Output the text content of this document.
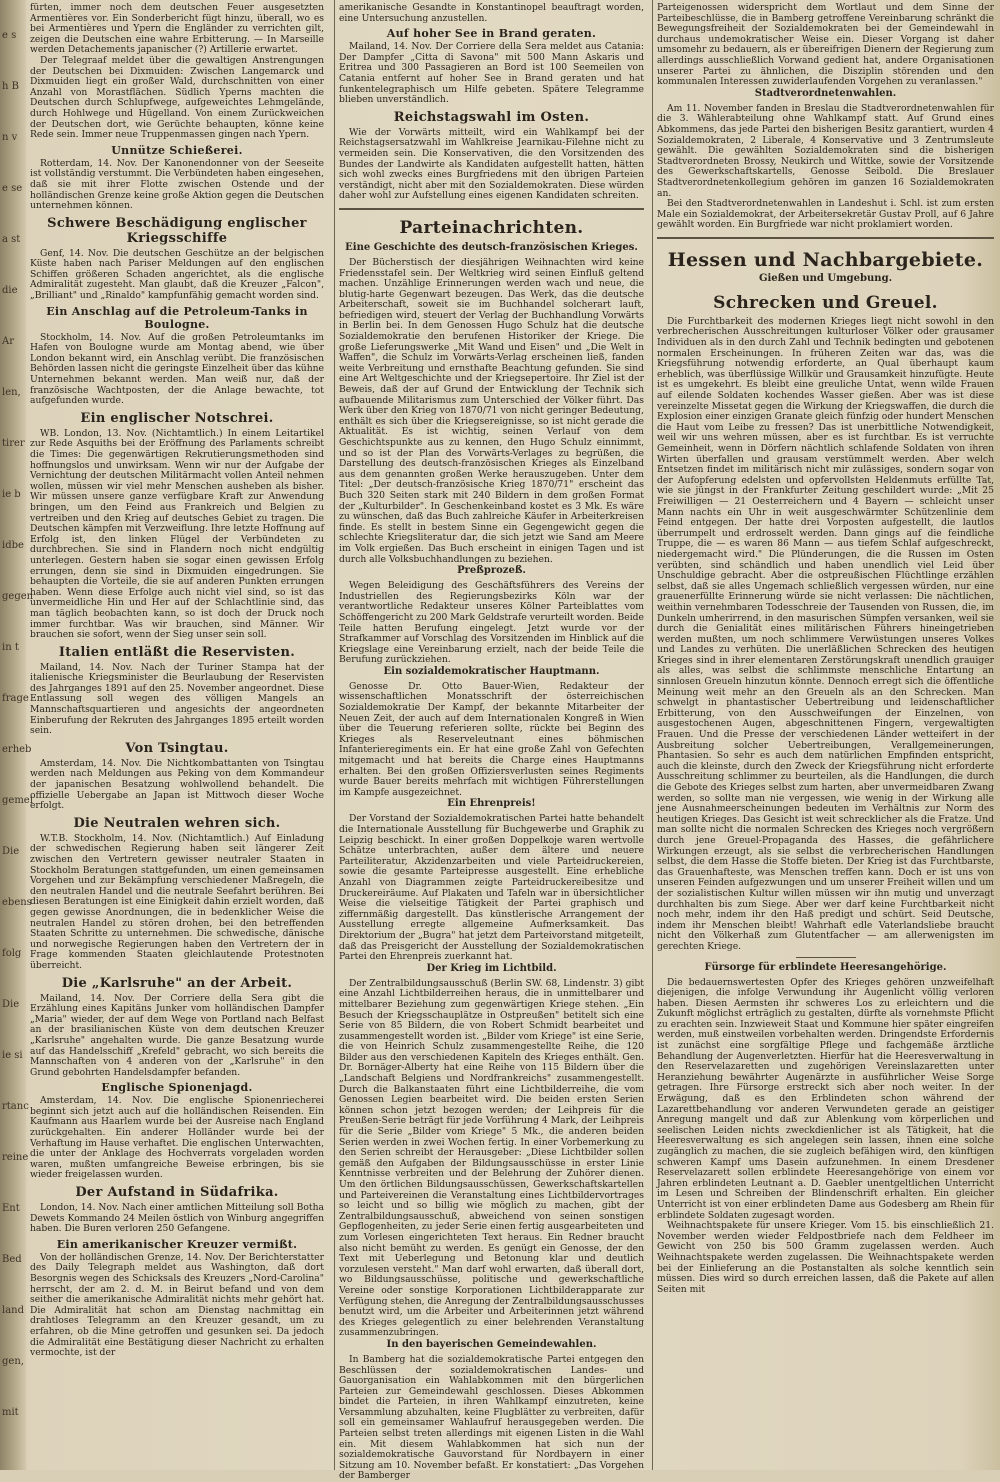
e s
h B
n v
e se
a st
die
Ar
len,
tirer
ie b
idbe
gegen
in t
frage
erheb
gemei
Die
ebens
folg
Die
ie si
rtanc
reine
Ent
Bed
land
gen,
mit

fürten, immer noch dem deutschen Feuer ausgesetzten Armentières vor. Ein Sonderbericht fügt hinzu, überall, wo es bei Armentières und Ypern die Engländer zu verrichten gilt, zeigen die Deutschen eine wahre Erbitterung. — In Marseille werden Detachements japanischer (?) Artillerie erwartet.

Der Telegraaf meldet über die gewaltigen Anstrengungen der Deutschen bei Dixmuiden: Zwischen Langemarck und Dixmuiden liegt ein großer Wald, durchschnitten von einer Anzahl von Morastflächen. Südlich Yperns machten die Deutschen durch Schlupfwege, aufgeweichtes Lehmgelände, durch Hohlwege und Hügelland. Von einem Zurückweichen der Deutschen dort, wie Gerüchte behaupten, könne keine Rede sein. Immer neue Truppenmassen gingen nach Ypern.

Unnütze Schießerei.

Rotterdam, 14. Nov. Der Kanonendonner von der Seeseite ist vollständig verstummt. Die Verbündeten haben eingesehen, daß sie mit ihrer Flotte zwischen Ostende und der holländischen Grenze keine große Aktion gegen die Deutschen unternehmen können.

Schwere Beschädigung englischer Kriegsschiffe

Genf, 14. Nov. Die deutschen Geschütze an der belgischen Küste haben nach Pariser Meldungen auf den englischen Schiffen größeren Schaden angerichtet, als die englische Admiralität zugesteht. Man glaubt, daß die Kreuzer „Falcon", „Brilliant" und „Rinaldo" kampfunfähig gemacht worden sind.

Ein Anschlag auf die Petroleum-Tanks in Boulogne.

Stockholm, 14. Nov. Auf die großen Petroleumtanks im Hafen von Boulogne wurde am Montag abend, wie über London bekannt wird, ein Anschlag verübt. Die französischen Behörden lassen nicht die geringste Einzelheit über das kühne Unternehmen bekannt werden. Man weiß nur, daß der französische Wachtposten, der die Anlage bewachte, tot aufgefunden wurde.

Ein englischer Notschrei.

WB. London, 13. Nov. (Nichtamtlich.) In einem Leitartikel zur Rede Asquiths bei der Eröffnung des Parlaments schreibt die Times: Die gegenwärtigen Rekrutierungsmethoden sind hoffnungslos und unwirksam. Wenn wir nur der Aufgabe der Vernichtung der deutschen Militärmacht vollen Anteil nehmen wollen, müssen wir viel mehr Menschen ausheben als bisher. Wir müssen unsere ganze verfügbare Kraft zur Anwendung bringen, um den Feind aus Frankreich und Belgien zu vertreiben und den Krieg auf deutsches Gebiet zu tragen. Die Deutschen kämpfen mit Verzweiflung. Ihre letzte Hoffnung auf Erfolg ist, den linken Flügel der Verbündeten zu durchbrechen. Sie sind in Flandern noch nicht endgültig unterlegen. Gestern haben sie sogar einen gewissen Erfolg errungen, denn sie sind in Dixmuiden eingedrungen. Sie behaupten die Vorteile, die sie auf anderen Punkten errungen haben. Wenn diese Erfolge auch nicht viel sind, so ist das unvermeidliche Hin und Her auf der Schlachtlinie sind, das man täglich beobachten kann, so ist doch der Druck noch immer furchtbar. Was wir brauchen, sind Männer. Wir brauchen sie sofort, wenn der Sieg unser sein soll.

Italien entläßt die Reservisten.

Mailand, 14. Nov. Nach der Turiner Stampa hat der italienische Kriegsminister die Beurlaubung der Reservisten des Jahrganges 1891 auf den 25. November angeordnet. Diese Entlassung soll wegen des völligen Mangels an Mannschaftsquartieren und angesichts der angeordneten Einberufung der Rekruten des Jahrganges 1895 erteilt worden sein.

Von Tsingtau.

Amsterdam, 14. Nov. Die Nichtkombattanten von Tsingtau werden nach Meldungen aus Peking von dem Kommandeur der japanischen Besatzung wohlwollend behandelt. Die offizielle Uebergabe an Japan ist Mittwoch dieser Woche erfolgt.

Die Neutralen wehren sich.

W.T.B. Stockholm, 14. Nov. (Nichtamtlich.) Auf Einladung der schwedischen Regierung haben seit längerer Zeit zwischen den Vertretern gewisser neutraler Staaten in Stockholm Beratungen stattgefunden, um einen gemeinsamen Vorgehen und zur Bekämpfung verschiedener Maßregeln, die den neutralen Handel und die neutrale Seefahrt berühren. Bei diesen Beratungen ist eine Einigkeit dahin erzielt worden, daß gegen gewisse Anordnungen, die in bedenklicher Weise die neutralen Handel zu stören drohen, bei den betreffenden Staaten Schritte zu unternehmen. Die schwedische, dänische und norwegische Regierungen haben den Vertretern der in Frage kommenden Staaten gleichlautende Protestnoten überreicht.

Die „Karlsruhe" an der Arbeit.

Mailand, 14. Nov. Der Corriere della Sera gibt die Erzählung eines Kapitäns Junker vom holländischen Dampfer „Maria" wieder, der auf dem Wege von Portland nach Belfast an der brasilianischen Küste von dem deutschen Kreuzer „Karlsruhe" angehalten wurde. Die ganze Besatzung wurde auf das Handelsschiff „Krefeld" gebracht, wo sich bereits die Mannschaften von 4 anderen von der „Karlsruhe" in den Grund gebohrten Handelsdampfer befanden.

Englische Spionenjagd.

Amsterdam, 14. Nov. Die englische Spionenriecherei beginnt sich jetzt auch auf die holländischen Reisenden. Ein Kaufmann aus Haarlem wurde bei der Ausreise nach England zurückgehalten. Ein anderer Holländer wurde bei der Verhaftung im Hause verhaftet. Die englischen Unterwachten, die unter der Anklage des Hochverrats vorgeladen worden waren, mußten umfangreiche Beweise erbringen, bis sie wieder freigelassen wurden.

Der Aufstand in Südafrika.

London, 14. Nov. Nach einer amtlichen Mitteilung soll Botha Dewets Kommando 24 Meilen östlich von Winburg angegriffen haben. Die Buren verloren 250 Gefangene.

Ein amerikanischer Kreuzer vermißt.

Von der holländischen Grenze, 14. Nov. Der Berichterstatter des Daily Telegraph meldet aus Washington, daß dort Besorgnis wegen des Schicksals des Kreuzers „Nord-Carolina" herrscht, der am 2. d. M. in Beirut befand und von dem seither die amerikanische Admiralität nichts mehr gehört hat. Die Admiralität hat schon am Dienstag nachmittag ein drahtloses Telegramm an den Kreuzer gesandt, um zu erfahren, ob die Mine getroffen und gesunken sei. Da jedoch die Admiralität eine Bestätigung dieser Nachricht zu erhalten vermochte, ist der

amerikanische Gesandte in Konstantinopel beauftragt worden, eine Untersuchung anzustellen.

Auf hoher See in Brand geraten.

Mailand, 14. Nov. Der Corriere della Sera meldet aus Catania: Der Dampfer „Citta di Savona" mit 500 Mann Askaris und Eritrea und 300 Passagieren an Bord ist 100 Seemeilen von Catania entfernt auf hoher See in Brand geraten und hat funkentelegraphisch um Hilfe gebeten. Spätere Telegramme blieben unverständlich.

Reichstagswahl im Osten.

Wie der Vorwärts mitteilt, wird ein Wahlkampf bei der Reichstagsersatzwahl im Wahlkreise Jearnikau-Filehne nicht zu vermeiden sein. Die Konservativen, die den Vorsitzenden des Bundes der Landwirte als Kandidaten aufgestellt hatten, hätten sich wohl zwecks eines Burgfriedens mit den übrigen Parteien verständigt, nicht aber mit den Sozialdemokraten. Diese würden daher wohl zur Aufstellung eines eigenen Kandidaten schreiten.

Parteinachrichten.
Eine Geschichte des deutsch-französischen Krieges.

Der Bücherstisch der diesjährigen Weihnachten wird keine Friedensstafel sein. Der Weltkrieg wird seinen Einfluß geltend machen. Unzählige Erinnerungen werden wach und neue, die blutig-harte Gegenwart bezeugen. Das Werk, das die deutsche Arbeiterschaft, soweit sie im Buchhandel solcherart lauft, befriedigen wird, steuert der Verlag der Buchhandlung Vorwärts in Berlin bei. In dem Genossen Hugo Schulz hat die deutsche Sozialdemokratie den berufenen Historiker der Kriege. Die große Lieferungswerke „Mit Wand und Eisen" und „Die Welt in Waffen", die Schulz im Vorwärts-Verlag erscheinen ließ, fanden weite Verbreitung und ernsthafte Beachtung gefunden. Sie sind eine Art Weltgeschichte und der Kriegsepertoire. Ihr Ziel ist der Beweis, daß der auf Grund der Entwicklung der Technik sich aufbauende Militarismus zum Unterschied der Völker führt. Das Werk über den Krieg von 1870/71 von nicht geringer Bedeutung, enthält es sich über die Kriegsereignisse, so ist nicht gerade die Aktualität. Es ist wichtig, seinen Verlauf von dem Geschichtspunkte aus zu kennen, den Hugo Schulz einnimmt, und so ist der Plan des Vorwärts-Verlages zu begrüßen, die Darstellung des deutsch-französischen Krieges als Einzelband aus dem genannten großen Werke herauszugeben. Unter dem Titel: „Der deutsch-französische Krieg 1870/71" erscheint das Buch 320 Seiten stark mit 240 Bildern in dem großen Format der „Kulturbilder". In Geschenkeinband kostet es 3 Mk. Es wäre zu wünschen, daß das Buch zahlreiche Käufer in Arbeiterkreisen finde. Es stellt in bestem Sinne ein Gegengewicht gegen die schlechte Kriegsliteratur dar, die sich jetzt wie Sand am Meere im Volk ergießen. Das Buch erscheint in einigen Tagen und ist durch alle Volksbuchhandlungen zu beziehen.

Preßprozeß.

Wegen Beleidigung des Geschäftsführers des Vereins der Industriellen des Regierungsbezirks Köln war der verantwortliche Redakteur unseres Kölner Parteiblattes vom Schöffengericht zu 200 Mark Geldstrafe verurteilt worden. Beide Teile hatten Berufung eingelegt. Jetzt wurde vor der Strafkammer auf Vorschlag des Vorsitzenden im Hinblick auf die Kriegslage eine Vereinbarung erzielt, nach der beide Teile die Berufung zurückziehen.

Ein sozialdemokratischer Hauptmann.

Genosse Dr. Otto Bauer-Wien, Redakteur der wissenschaftlichen Monatsschrift der österreichischen Sozialdemokratie Der Kampf, der bekannte Mitarbeiter der Neuen Zeit, der auch auf dem Internationalen Kongreß in Wien über die Teuerung referieren sollte, rückte bei Beginn des Krieges als Reserveleutnant eines böhmischen Infanterieregiments ein. Er hat eine große Zahl von Gefechten mitgemacht und hat bereits die Charge eines Hauptmanns erhalten. Bei den großen Offiziersverlusten seines Regiments wurde Bauer bereits mehrfach mit wichtigen Führerstellungen im Kampfe ausgezeichnet.

Ein Ehrenpreis!

Der Vorstand der Sozialdemokratischen Partei hatte behandelt die Internationale Ausstellung für Buchgewerbe und Graphik zu Leipzig beschickt. In einer großen Doppelkoje waren wertvolle Schätze unterbrachten, außer dem ältere und neuere Parteiliteratur, Akzidenzarbeiten und viele Parteidruckereien, sowie die gesamte Parteipresse ausgestellt. Eine erhebliche Anzahl von Diagrammen zeigte Parteidruckereibesitze und Druckereiräume. Auf Plakaten und Tafeln war in übersichtlicher Weise die vielseitige Tätigkeit der Partei graphisch und ziffernmäßig dargestellt. Das künstlerische Arrangement der Ausstellung erregte allgemeine Aufmerksamkeit. Das Direktorium der „Bugra" hat jetzt dem Parteivorstand mitgeteilt, daß das Preisgericht der Ausstellung der Sozialdemokratischen Partei den Ehrenpreis zuerkannt hat.

Der Krieg im Lichtbild.

Der Zentralbildungsausschuß (Berlin SW. 68, Lindenstr. 3) gibt eine Anzahl Lichtbilderreihen heraus, die in unmittelbarer und mittelbarer Beziehung zum gegenwärtigen Kriege stehen. „Ein Besuch der Kriegsschauplätze in Ostpreußen" betitelt sich eine Serie von 85 Bildern, die von Robert Schmidt bearbeitet und zusammengestellt worden ist. „Bilder vom Kriege" ist eine Serie, die von Heinrich Schulz zusammengestellte Reihe, die 120 Bilder aus den verschiedenen Kapiteln des Krieges enthält. Gen. Dr. Bornäger-Alberty hat eine Reihe von 115 Bildern über die „Landschaft Belgiens und Nordfrankreichs" zusammengestellt. Durch die Balkanstaaten führt eine Lichtbilderreihe, die vom Genossen Legien bearbeitet wird. Die beiden ersten Serien können schon jetzt bezogen werden; der Leihpreis für die Preußen-Serie beträgt für jede Vorführung 4 Mark, der Leihpreis für die Serie „Bilder vom Kriege" 5 Mk., die anderen beiden Serien werden in zwei Wochen fertig. In einer Vorbemerkung zu den Serien schreibt der Herausgeber: „Diese Lichtbilder sollen gemäß den Aufgaben der Bildungsausschüsse in erster Linie Kenntnisse verbreiten und der Belehrung der Zuhörer dienen. Um den örtlichen Bildungsausschüssen, Gewerkschaftskartellen und Parteivereinen die Veranstaltung eines Lichtbildervortrages so leicht und so billig wie möglich zu machen, gibt der Zentralbildungsausschuß, abweichend von seinen sonstigen Gepflogenheiten, zu jeder Serie einen fertig ausgearbeiteten und zum Vorlesen eingerichteten Text heraus. Ein Redner braucht also nicht bemüht zu werden. Es genügt ein Genosse, der den Text mit Ueberlegung und Betonung klar und deutlich vorzulesen versteht." Man darf wohl erwarten, daß überall dort, wo Bildungsausschüsse, politische und gewerkschaftliche Vereine oder sonstige Korporationen Lichtbilderapparate zur Verfügung stehen, die Anregung der Zentralbildungsausschusses benutzt wird, um die Arbeiter und Arbeiterinnen jetzt während des Krieges gelegentlich zu einer belehrenden Veranstaltung zusammenzubringen.

In den bayerischen Gemeindewahlen.

In Bamberg hat die sozialdemokratische Partei entgegen den Beschlüssen der sozialdemokratischen Landes- und Gauorganisation ein Wahlabkommen mit den bürgerlichen Parteien zur Gemeindewahl geschlossen. Dieses Abkommen bindet die Parteien, in ihren Wahlkampf einzutreten, keine Versammlung abzuhalten, keine Flugblätter zu verbreiten, dafür soll ein gemeinsamer Wahlaufruf herausgegeben werden. Die Parteien selbst treten allerdings mit eigenen Listen in die Wahl ein. Mit diesem Wahlabkommen hat sich nun der sozialdemokratische Gauvorstand für Nordbayern in einer Sitzung am 10. November befaßt. Er konstatiert: „Das Vorgehen der Bamberger

Parteigenossen widerspricht dem Wortlaut und dem Sinne der Parteibeschlüsse, die in Bamberg getroffene Vereinbarung schränkt die Bewegungsfreiheit der Sozialdemokraten bei der Gemeindewahl in durchaus undemokratischer Weise ein. Dieser Vorgang ist daher umsomehr zu bedauern, als er übereifrigen Dienern der Regierung zum allerdings ausschließlich Vorwand gedient hat, andere Organisationen unserer Partei zu ähnlichen, die Disziplin störenden und den kommunalen Interessen zuwiderlaufenden Vorgehen zu veranlassen."

Stadtverordnetenwahlen.

Am 11. November fanden in Breslau die Stadtverordnetenwahlen für die 3. Wählerabteilung ohne Wahlkampf statt. Auf Grund eines Abkommens, das jede Partei den bisherigen Besitz garantiert, wurden 4 Sozialdemokraten, 2 Liberale, 4 Konservative und 3 Zentrumsleute gewählt. Die gewählten Sozialdemokraten sind die bisherigen Stadtverordneten Brossy, Neukirch und Wittke, sowie der Vorsitzende des Gewerkschaftskartells, Genosse Seibold. Die Breslauer Stadtverordnetenkollegium gehören im ganzen 16 Sozialdemokraten an.

Bei den Stadtverordnetenwahlen in Landeshut i. Schl. ist zum ersten Male ein Sozialdemokrat, der Arbeitersekretär Gustav Proll, auf 6 Jahre gewählt worden. Ein Burgfriede war nicht proklamiert worden.

Hessen und Nachbargebiete.
Gießen und Umgebung.
Schrecken und Greuel.

Die Furchtbarkeit des modernen Krieges liegt nicht sowohl in den verbrecherischen Ausschreitungen kulturloser Völker oder grausamer Individuen als in den durch Zahl und Technik bedingten und gebotenen normalen Erscheinungen. In früheren Zeiten war das, was die Kriegsführung notwendig erforderte, an Qual überhaupt kaum erheblich, was überflüssige Willkür und Grausamkeit hinzufügte. Heute ist es umgekehrt. Es bleibt eine greuliche Untat, wenn wilde Frauen auf eilende Soldaten kochendes Wasser gießen. Aber was ist diese vereinzelte Missetat gegen die Wirkung der Kriegswaffen, die durch die Explosion einer einzigen Granate gleich fünfzig oder hundert Menschen die Haut vom Leibe zu fressen? Das ist unerbittliche Notwendigkeit, weil wir uns wehren müssen, aber es ist furchtbar. Es ist verruchte Gemeinheit, wenn in Dörfern nächtlich schlafende Soldaten von ihren Wirten überfallen und grausam verstümmelt werden. Aber welch Entsetzen findet im militärisch nicht mir zulässiges, sondern sogar von der Aufopferung edelsten und opfervollsten Heldenmuts erfüllte Tat, wie sie jüngst in der Frankfurter Zeitung geschildert wurde: „Mit 25 Freiwilligen — 21 Oesterreichern und 4 Bayern — schleicht unser Mann nachts ein Uhr in weit ausgeschwärmter Schützenlinie dem Feind entgegen. Der hatte drei Vorposten aufgestellt, die lautlos überrumpelt und erdrosselt werden. Dann gings auf die feindliche Truppe, die — es waren 86 Mann — aus tiefem Schlaf aufgeschreckt, niedergemacht wird." Die Plünderungen, die die Russen im Osten verübten, sind schändlich und haben unendlich viel Leid über Unschuldige gebracht. Aber die ostpreußischen Flüchtlinge erzählen selbst, daß sie alles Ungemach schließlich vergessen würden, nur eine grauenerfüllte Erinnerung würde sie nicht verlassen: Die nächtlichen, weithin vernehmbaren Todesschreie der Tausenden von Russen, die, im Dunkeln umherirrend, in den masurischen Sümpfen versanken, weil sie durch die Genialität eines militärischen Führers hineingetrieben werden mußten, um noch schlimmere Verwüstungen unseres Volkes und Landes zu verhüten. Die unerläßlichen Schrecken des heutigen Krieges sind in ihrer elementaren Zerstörungskraft unendlich grauiger als alles, was selbst die schlimmste menschliche Entartung an sinnlosen Greueln hinzutun könnte. Dennoch erregt sich die öffentliche Meinung weit mehr an den Greueln als an den Schrecken. Man schwelgt in phantastischer Uebertreibung und leidenschaftlicher Erbitterung, von den Ausschweifungen der Einzelnen, von ausgestochenen Augen, abgeschnittenen Fingern, vergewaltigten Frauen. Und die Presse der verschiedenen Länder wetteifert in der Ausbreitung solcher Uebertreibungen, Verallgemeinerungen, Phantasien. So sehr es auch dem natürlichen Empfinden entspricht, auch die kleinste, durch den Zweck der Kriegsführung nicht erforderte Ausschreitung schlimmer zu beurteilen, als die Handlungen, die durch die Gebote des Krieges selbst zum harten, aber unvermeidbaren Zwang werden, so sollte man nie vergessen, wie wenig in der Wirkung alle jene Ausnahmeerscheinungen bedeuten im Verhältnis zur Norm des heutigen Krieges. Das Gesicht ist weit schrecklicher als die Fratze. Und man sollte nicht die normalen Schrecken des Krieges noch vergrößern durch jene Greuel-Propaganda des Hasses, die gefährlichere Wirkungen erzeugt, als sie selbst die verbrecherischen Handlungen selbst, die dem Hasse die Stoffe bieten. Der Krieg ist das Furchtbarste, das Grauenhafteste, was Menschen treffen kann. Doch er ist uns von unseren Feinden aufgezwungen und um unserer Freiheit willen und um der sozialistischen Kultur willen müssen wir ihn mutig und unverzagt durchhalten bis zum Siege. Aber wer darf keine Furchtbarkeit nicht noch mehr, indem ihr den Haß predigt und schürt. Seid Deutsche, indem ihr Menschen bleibt! Wahrhaft edle Vaterlandsliebe braucht nicht den Völkerhaß zum Glutentfacher — am allerwenigsten im gerechten Kriege.

Fürsorge für erblindete Heeresangehörige.

Die bedauernswertesten Opfer des Krieges gehören unzweifelhaft diejenigen, die infolge Verwundung ihr Augenlicht völlig verloren haben. Diesen Aermsten ihr schweres Los zu erleichtern und die Zukunft möglichst erträglich zu gestalten, dürfte als vornehmste Pflicht zu erachten sein. Inzwieweit Staat und Kommune hier später eingreifen werden, muß einstweilen vorbehalten werden. Dringendste Erfordernis ist zunächst eine sorgfältige Pflege und fachgemäße ärztliche Behandlung der Augenverletzten. Hierfür hat die Heeresverwaltung in den Reservelazaretten und zugehörigen Vereinslazaretten unter Heranziehung bewährter Augenärzte in ausführlicher Weise Sorge getragen. Ihre Fürsorge erstreckt sich aber noch weiter. In der Erwägung, daß es den Erblindeten schon während der Lazarettbehandlung vor anderen Verwundeten gerade an geistiger Anregung mangelt und daß zur Ablenkung vom körperlichen und seelischen Leiden nichts zweckdienlicher ist als Tätigkeit, hat die Heeresverwaltung es sich angelegen sein lassen, ihnen eine solche zugänglich zu machen, die sie zugleich befähigen wird, den künftigen schweren Kampf ums Dasein aufzunehmen. In einem Dresdener Reservelazarett sollen erblindete Heeresangehörige von einem vor Jahren erblindeten Leutnant a. D. Gaebler unentgeltlichen Unterricht im Lesen und Schreiben der Blindenschrift erhalten. Ein gleicher Unterricht ist von einer erblindeten Dame aus Godesberg am Rhein für erblindete Soldaten zugesagt worden.

Weihnachtspakete für unsere Krieger. Vom 15. bis einschließlich 21. November werden wieder Feldpostbriefe nach dem Feldheer im Gewicht von 250 bis 500 Gramm zugelassen werden. Auch Weihnachtspakete werden zugelassen. Die Weihnachtspakete werden bei der Einlieferung an die Postanstalten als solche kenntlich sein müssen. Dies wird so durch erreichen lassen, daß die Pakete auf allen Seiten mit
